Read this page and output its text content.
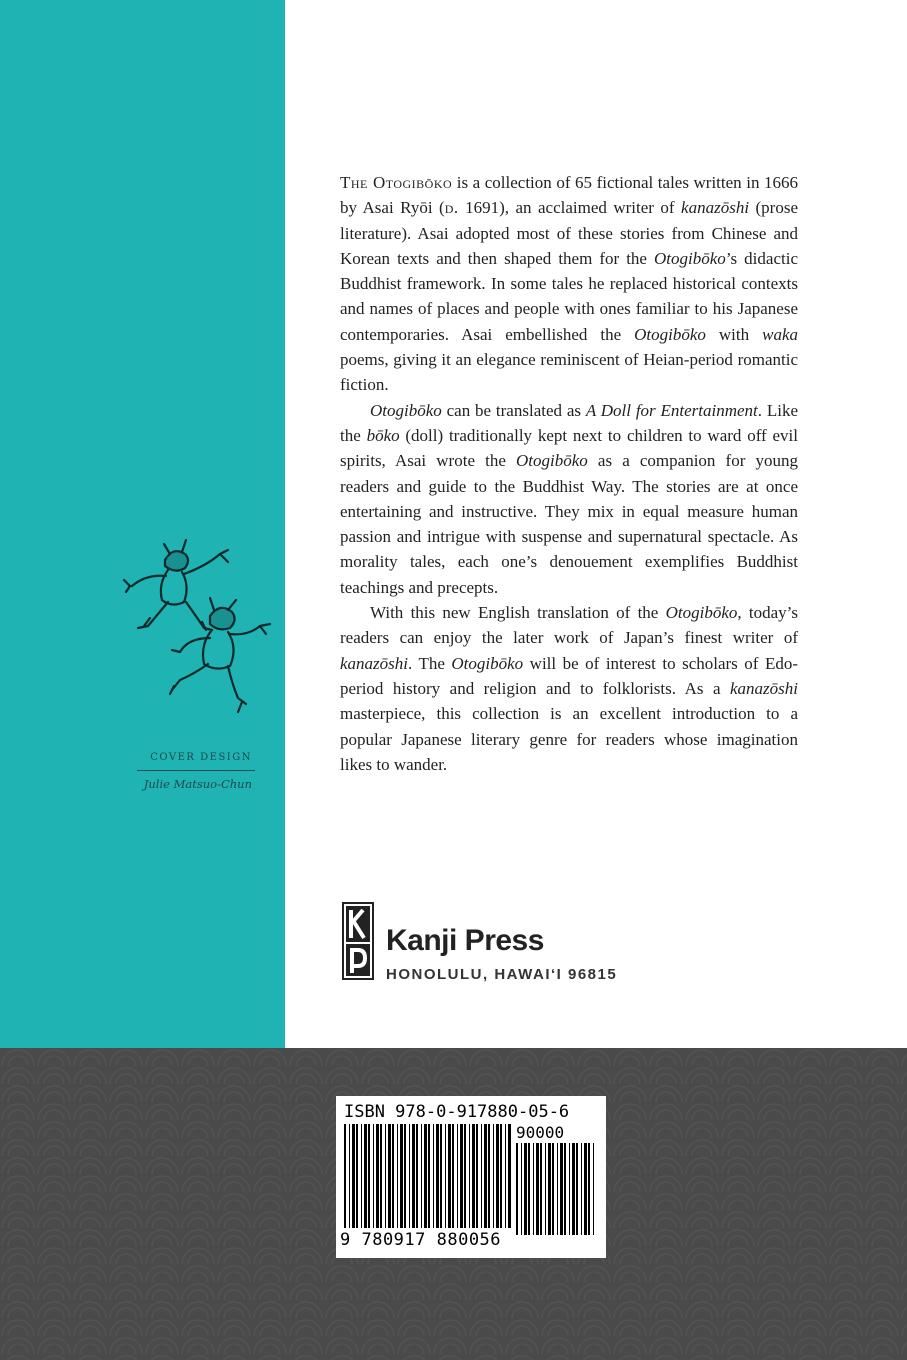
COVER DESIGN
Julie Matsuo-Chun

The Otogibōko is a collection of 65 fictional tales written in 1666 by Asai Ryōi (d. 1691), an acclaimed writer of kanazōshi (prose literature). Asai adopted most of these stories from Chinese and Korean texts and then shaped them for the Otogibōko’s didactic Buddhist framework. In some tales he replaced historical contexts and names of places and people with ones familiar to his Japanese contemporaries. Asai embellished the Otogibōko with waka poems, giving it an elegance reminiscent of Heian-period romantic fiction.

Otogibōko can be translated as A Doll for Entertainment. Like the bōko (doll) traditionally kept next to children to ward off evil spirits, Asai wrote the Otogibōko as a companion for young readers and guide to the Buddhist Way. The stories are at once entertaining and instructive. They mix in equal measure human passion and intrigue with suspense and supernatural spectacle. As morality tales, each one’s denouement exemplifies Buddhist teachings and precepts.

With this new English translation of the Otogibōko, today’s readers can enjoy the later work of Japan’s finest writer of kanazōshi. The Otogibōko will be of interest to scholars of Edo-period history and religion and to folklorists. As a kanazōshi masterpiece, this collection is an excellent introduction to a popular Japanese literary genre for readers whose imagination likes to wander.

Kanji Press
HONOLULU, HAWAI‘I 96815
ISBN 978-0-917880-05-6
90000
9 780917 880056
